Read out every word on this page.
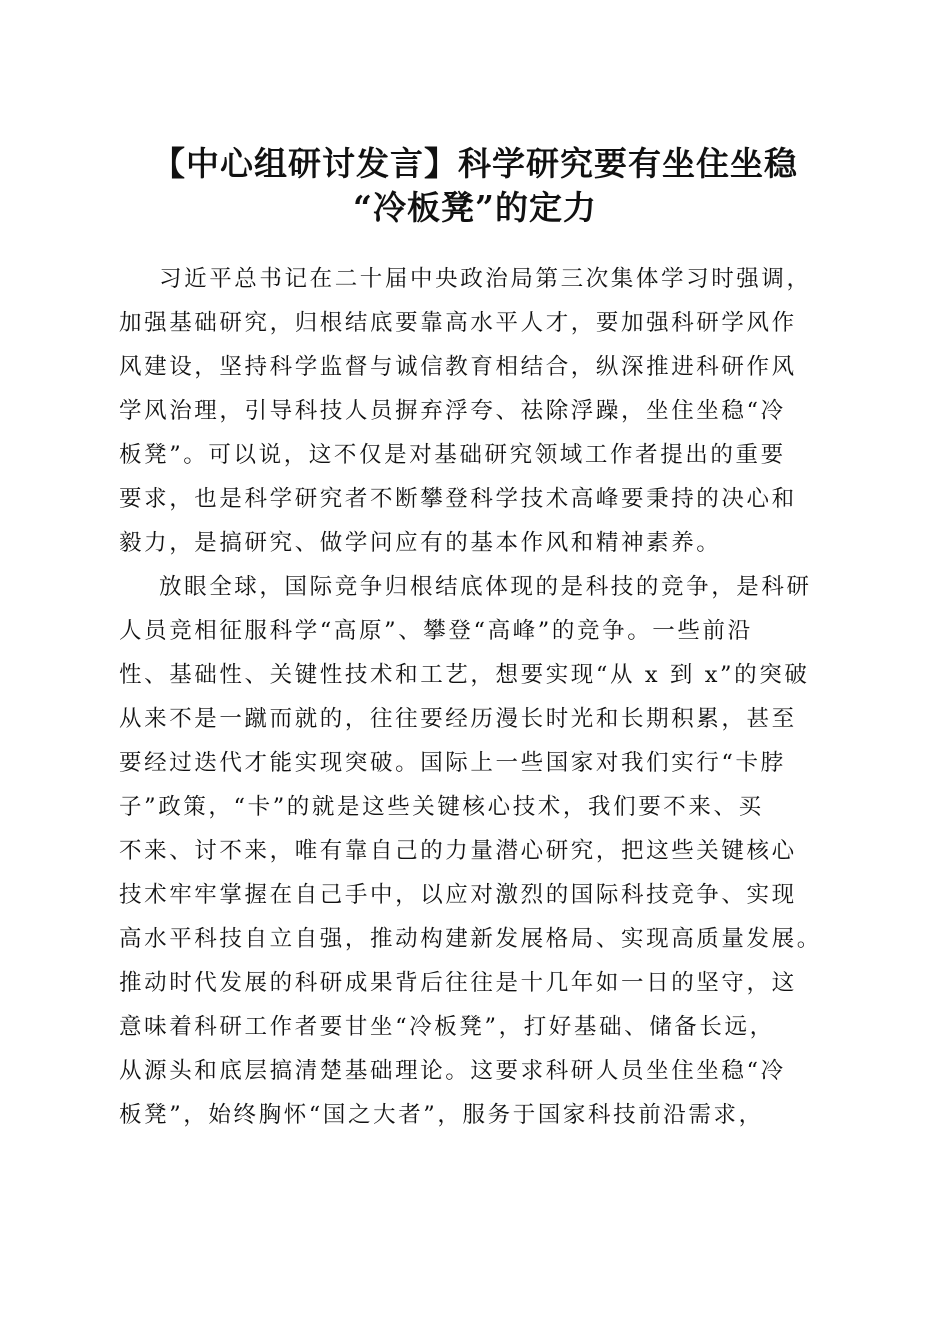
【中心组研讨发言】科学研究要有坐住坐稳
“冷板凳”的定力
习近平总书记在二十届中央政治局第三次集体学习时强调，
加强基础研究，归根结底要靠高水平人才，要加强科研学风作
风建设，坚持科学监督与诚信教育相结合，纵深推进科研作风
学风治理，引导科技人员摒弃浮夸、祛除浮躁，坐住坐稳“冷
板凳”。可以说，这不仅是对基础研究领域工作者提出的重要
要求，也是科学研究者不断攀登科学技术高峰要秉持的决心和
毅力，是搞研究、做学问应有的基本作风和精神素养。
放眼全球，国际竞争归根结底体现的是科技的竞争，是科研
人员竞相征服科学“高原”、攀登“高峰”的竞争。一些前沿
性、基础性、关键性技术和工艺，想要实现“从 x 到 x”的突破
从来不是一蹴而就的，往往要经历漫长时光和长期积累，甚至
要经过迭代才能实现突破。国际上一些国家对我们实行“卡脖
子”政策，“卡”的就是这些关键核心技术，我们要不来、买
不来、讨不来，唯有靠自己的力量潜心研究，把这些关键核心
技术牢牢掌握在自己手中，以应对激烈的国际科技竞争、实现
高水平科技自立自强，推动构建新发展格局、实现高质量发展。
推动时代发展的科研成果背后往往是十几年如一日的坚守，这
意味着科研工作者要甘坐“冷板凳”，打好基础、储备长远，
从源头和底层搞清楚基础理论。这要求科研人员坐住坐稳“冷
板凳”，始终胸怀“国之大者”，服务于国家科技前沿需求，
